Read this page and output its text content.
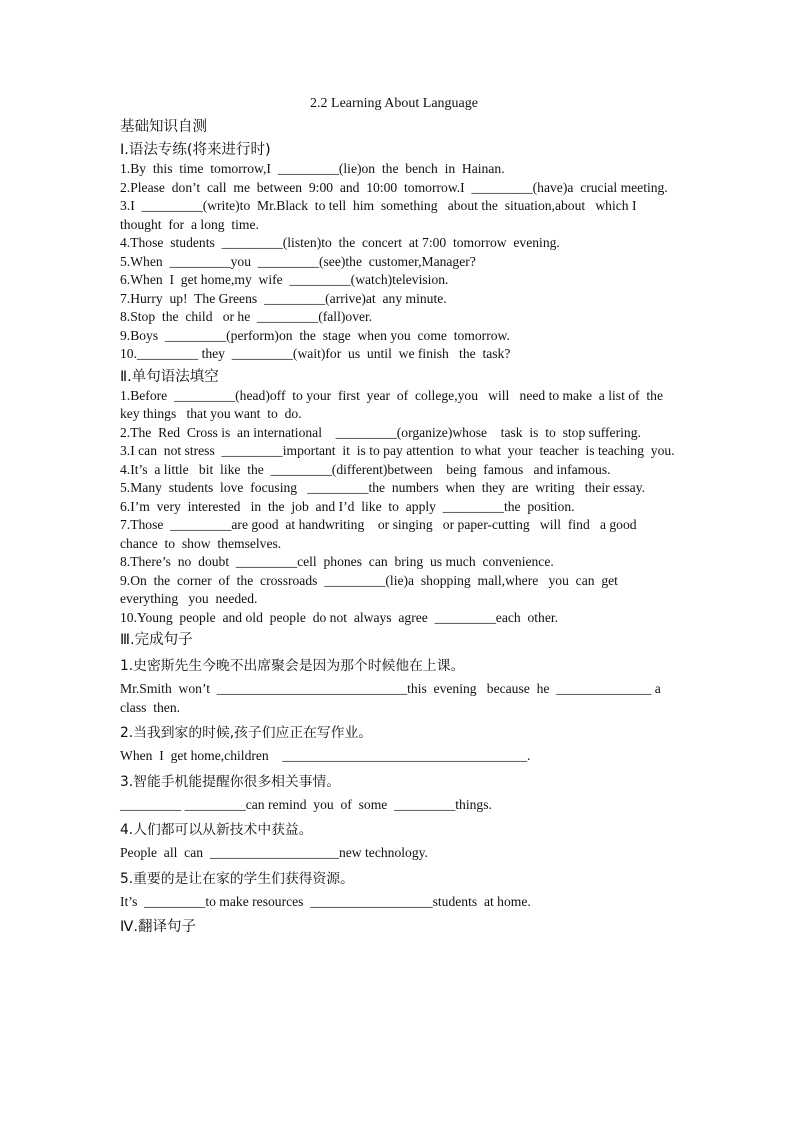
2.2 Learning About Language
基础知识自测
Ⅰ.语法专练(将来进行时)
1.By  this  time  tomorrow,I  _________(lie)on  the  bench  in  Hainan.
2.Please  don’t  call  me  between  9:00  and  10:00  tomorrow.I  _________(have)a  crucial meeting.
3.I  _________(write)to  Mr.Black  to tell  him  something   about the  situation,about   which I thought  for  a long  time.
4.Those  students  _________(listen)to  the  concert  at 7:00  tomorrow  evening.
5.When  _________you  _________(see)the  customer,Manager?
6.When  I  get home,my  wife  _________(watch)television.
7.Hurry  up!  The Greens  _________(arrive)at  any minute.
8.Stop  the  child   or he  _________(fall)over.
9.Boys  _________(perform)on  the  stage  when you  come  tomorrow.
10._________ they  _________(wait)for  us  until  we finish   the  task?
Ⅱ.单句语法填空
1.Before  _________(head)off  to your  first  year  of  college,you   will   need to make  a list of  the  key things   that you want  to  do.
2.The  Red  Cross is  an international    _________(organize)whose    task  is  to  stop suffering.
3.I can  not stress  _________important  it  is to pay attention  to what  your  teacher  is teaching  you.
4.It’s  a little   bit  like  the  _________(different)between    being  famous   and infamous.
5.Many  students  love  focusing   _________the  numbers  when  they  are  writing   their essay.
6.I’m  very  interested   in  the  job  and I’d  like  to  apply  _________the  position.
7.Those  _________are good  at handwriting    or singing   or paper-cutting   will  find   a good chance  to  show  themselves.
8.There’s  no  doubt  _________cell  phones  can  bring  us much  convenience.
9.On  the  corner  of  the  crossroads  _________(lie)a  shopping  mall,where   you  can  get everything   you  needed.
10.Young  people  and old  people  do not  always  agree  _________each  other.
Ⅲ.完成句子
1.史密斯先生今晚不出席聚会是因为那个时候他在上课。
Mr.Smith  won’t  ____________________________this  evening   because  he  ______________ a  class  then.
2.当我到家的时候,孩子们应正在写作业。
When  I  get home,children    ____________________________________.
3.智能手机能提醒你很多相关事情。
_________ _________can remind  you  of  some  _________things.
4.人们都可以从新技术中获益。
People  all  can  ___________________new technology.
5.重要的是让在家的学生们获得资源。
It’s  _________to make resources  __________________students  at home.
Ⅳ.翻译句子
